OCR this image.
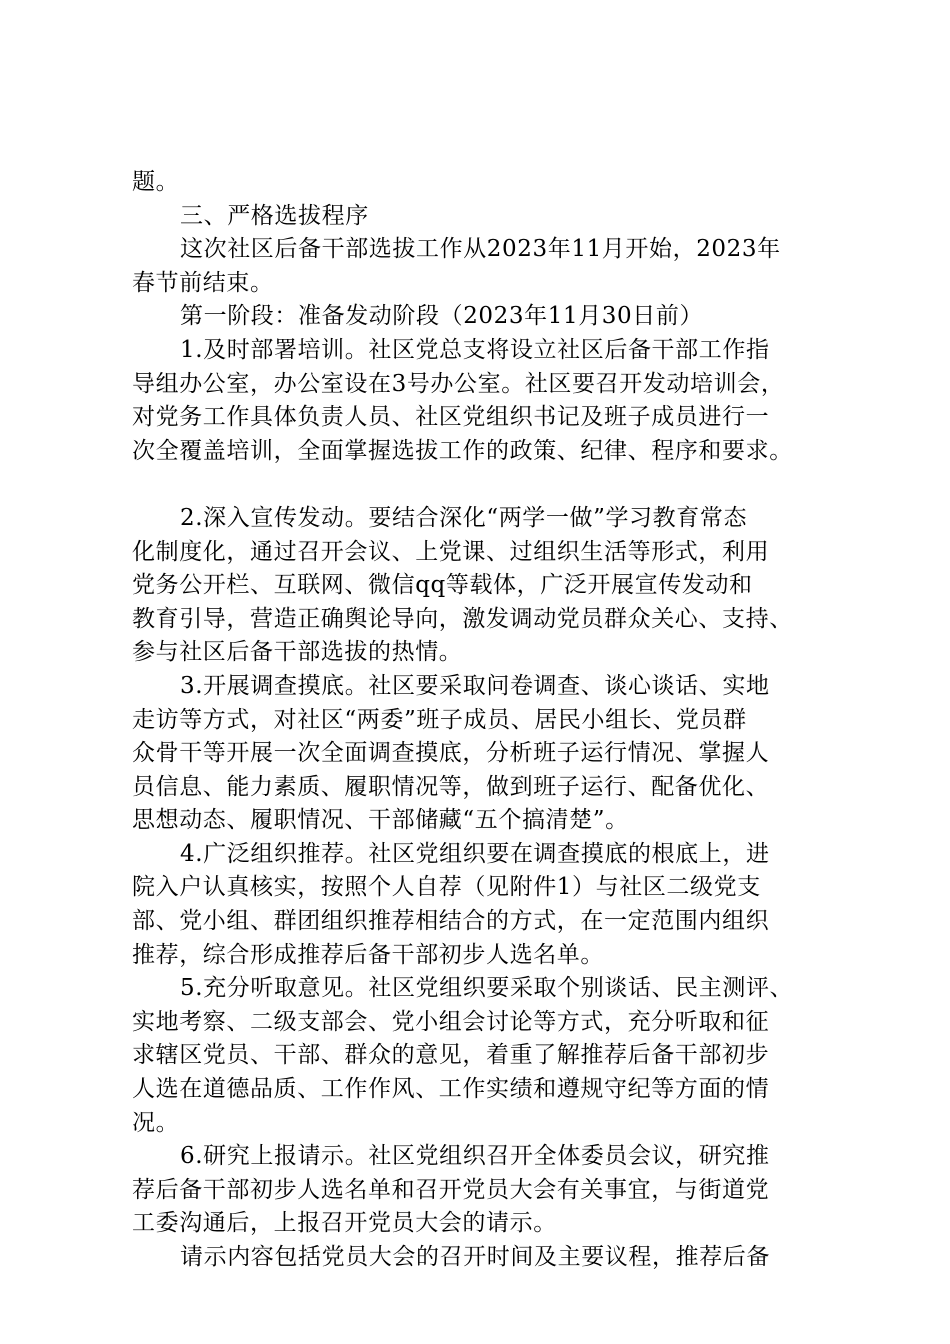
题。
三、严格选拔程序
这次社区后备干部选拔工作从2023年11月开始，2023年
春节前结束。
第一阶段：准备发动阶段（2023年11月30日前）
1.及时部署培训。社区党总支将设立社区后备干部工作指
导组办公室，办公室设在3号办公室。社区要召开发动培训会，
对党务工作具体负责人员、社区党组织书记及班子成员进行一
次全覆盖培训，全面掌握选拔工作的政策、纪律、程序和要求。
2.深入宣传发动。要结合深化“两学一做”学习教育常态
化制度化，通过召开会议、上党课、过组织生活等形式，利用
党务公开栏、互联网、微信qq等载体，广泛开展宣传发动和
教育引导，营造正确舆论导向，激发调动党员群众关心、支持、
参与社区后备干部选拔的热情。
3.开展调查摸底。社区要采取问卷调查、谈心谈话、实地
走访等方式，对社区“两委”班子成员、居民小组长、党员群
众骨干等开展一次全面调查摸底，分析班子运行情况、掌握人
员信息、能力素质、履职情况等，做到班子运行、配备优化、
思想动态、履职情况、干部储藏“五个搞清楚”。
4.广泛组织推荐。社区党组织要在调查摸底的根底上，进
院入户认真核实，按照个人自荐（见附件1）与社区二级党支
部、党小组、群团组织推荐相结合的方式，在一定范围内组织
推荐，综合形成推荐后备干部初步人选名单。
5.充分听取意见。社区党组织要采取个别谈话、民主测评、
实地考察、二级支部会、党小组会讨论等方式，充分听取和征
求辖区党员、干部、群众的意见，着重了解推荐后备干部初步
人选在道德品质、工作作风、工作实绩和遵规守纪等方面的情
况。
6.研究上报请示。社区党组织召开全体委员会议，研究推
荐后备干部初步人选名单和召开党员大会有关事宜，与街道党
工委沟通后，上报召开党员大会的请示。
请示内容包括党员大会的召开时间及主要议程，推荐后备
